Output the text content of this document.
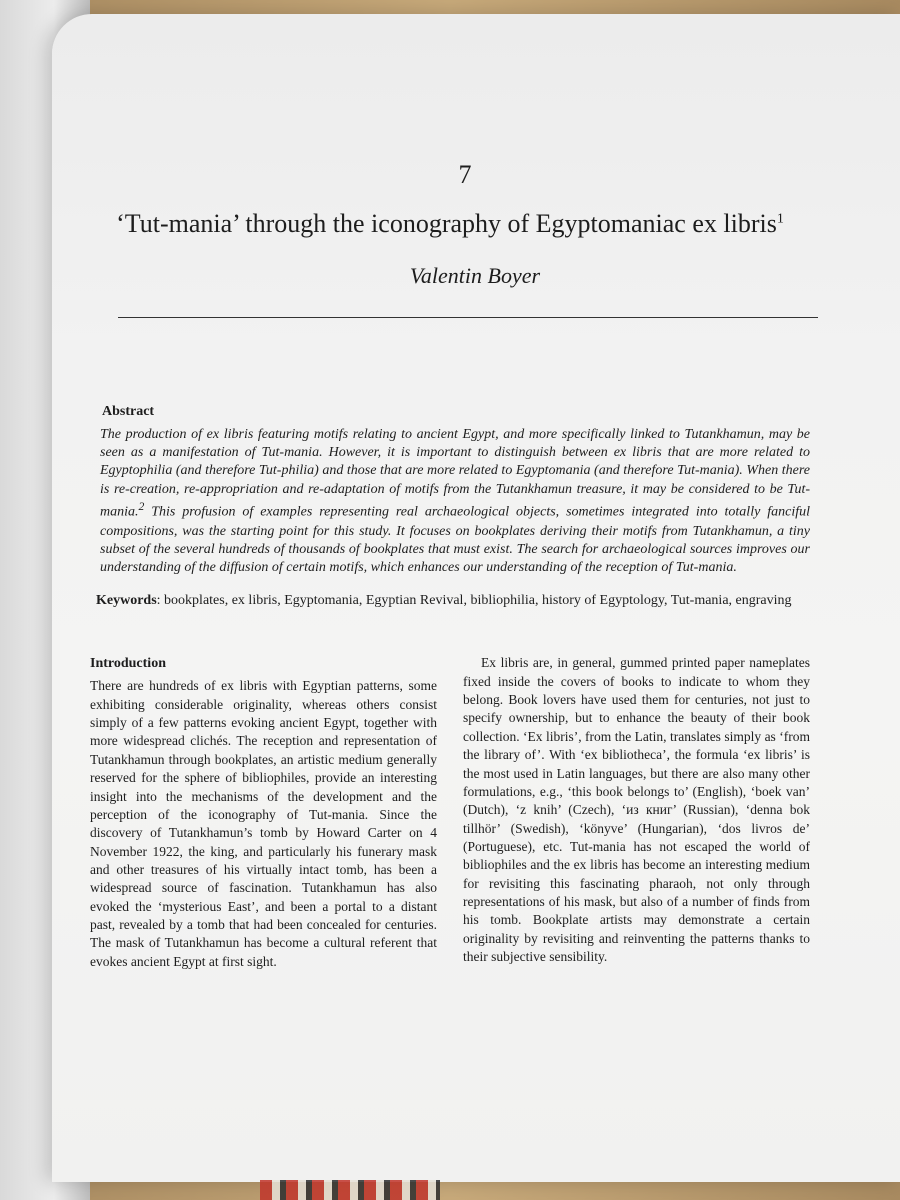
7
‘Tut-mania’ through the iconography of Egyptomaniac ex libris$^1$
Valentin Boyer
Abstract

The production of ex libris featuring motifs relating to ancient Egypt, and more specifically linked to Tutankhamun, may be seen as a manifestation of Tut-mania. However, it is important to distinguish between ex libris that are more related to Egyptophilia (and therefore Tut-philia) and those that are more related to Egyptomania (and therefore Tut-mania). When there is re-creation, re-appropriation and re-adaptation of motifs from the Tutankhamun treasure, it may be considered to be Tut-mania.$^2$ This profusion of examples representing real archaeological objects, sometimes integrated into totally fanciful compositions, was the starting point for this study. It focuses on bookplates deriving their motifs from Tutankhamun, a tiny subset of the several hundreds of thousands of bookplates that must exist. The search for archaeological sources improves our understanding of the diffusion of certain motifs, which enhances our understanding of the reception of Tut-mania.

Keywords: bookplates, ex libris, Egyptomania, Egyptian Revival, bibliophilia, history of Egyptology, Tut-mania, engraving

Introduction

There are hundreds of ex libris with Egyptian patterns, some exhibiting considerable originality, whereas others consist simply of a few patterns evoking ancient Egypt, together with more widespread clichés. The reception and representation of Tutankhamun through bookplates, an artistic medium generally reserved for the sphere of bibliophiles, provide an interesting insight into the mechanisms of the development and the perception of the iconography of Tut-mania. Since the discovery of Tutankhamun’s tomb by Howard Carter on 4 November 1922, the king, and particularly his funerary mask and other treasures of his virtually intact tomb, has been a widespread source of fascination. Tutankhamun has also evoked the ‘mysterious East’, and been a portal to a distant past, revealed by a tomb that had been concealed for centuries. The mask of Tutankhamun has become a cultural referent that evokes ancient Egypt at first sight.

Ex libris are, in general, gummed printed paper nameplates fixed inside the covers of books to indicate to whom they belong. Book lovers have used them for centuries, not just to specify ownership, but to enhance the beauty of their book collection. ‘Ex libris’, from the Latin, translates simply as ‘from the library of’. With ‘ex bibliotheca’, the formula ‘ex libris’ is the most used in Latin languages, but there are also many other formulations, e.g., ‘this book belongs to’ (English), ‘boek van’ (Dutch), ‘z knih’ (Czech), ‘из книг’ (Russian), ‘denna bok tillhör’ (Swedish), ‘könyve’ (Hungarian), ‘dos livros de’ (Portuguese), etc. Tut-mania has not escaped the world of bibliophiles and the ex libris has become an interesting medium for revisiting this fascinating pharaoh, not only through representations of his mask, but also of a number of finds from his tomb. Bookplate artists may demonstrate a certain originality by revisiting and reinventing the patterns thanks to their subjective sensibility.
